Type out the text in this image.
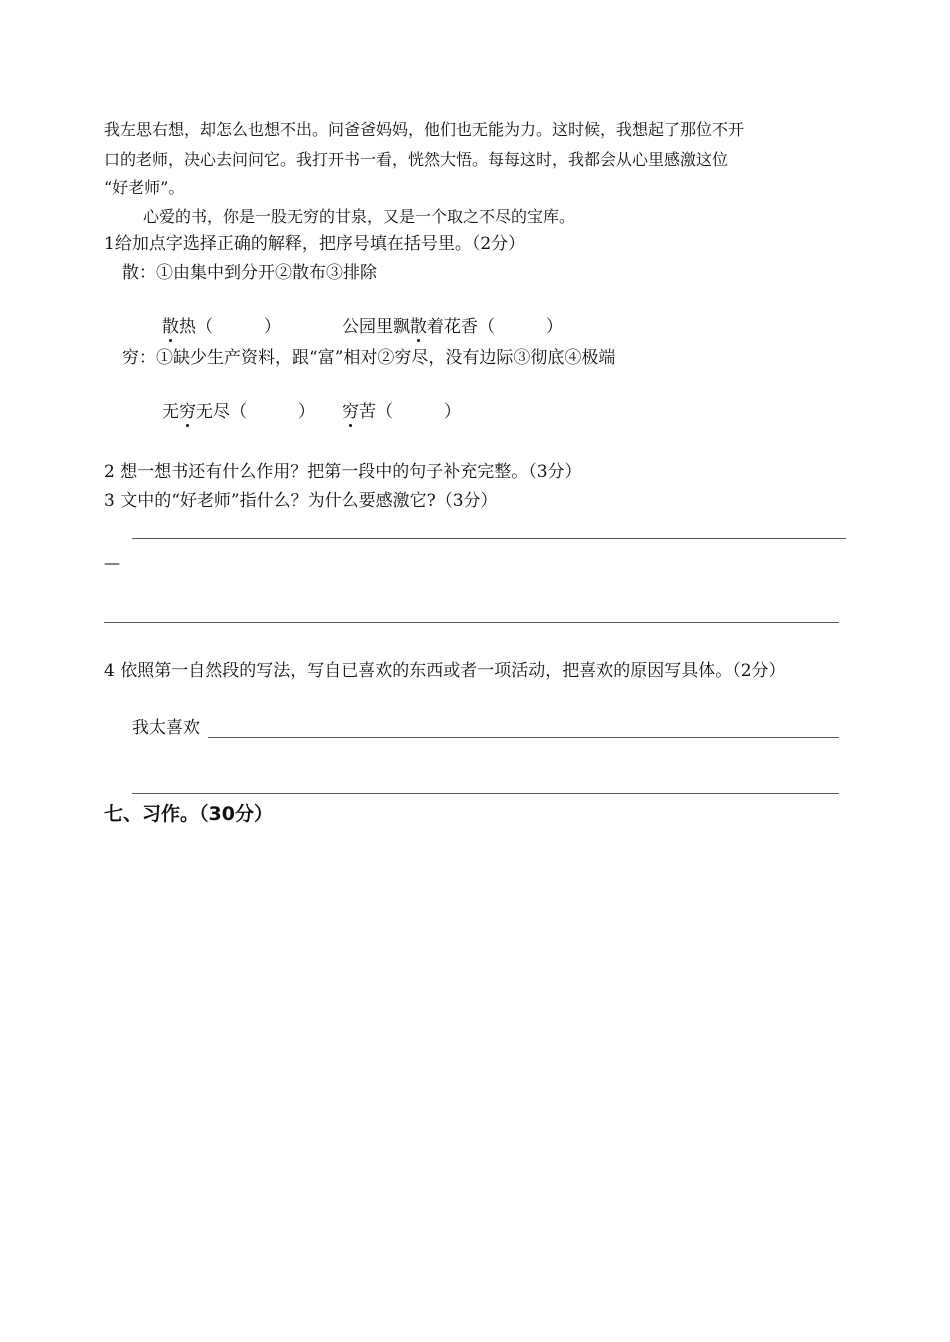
我左思右想，却怎么也想不出。问爸爸妈妈，他们也无能为力。这时候，我想起了那位不开
口的老师，决心去问问它。我打开书一看，恍然大悟。每每这时，我都会从心里感激这位
“好老师”。
心爱的书，你是一股无穷的甘泉，又是一个取之不尽的宝库。
1给加点字选择正确的解释，把序号填在括号里。（2分）
散：①由集中到分开②散布③排除
散热（　　　）	公园里飘散着花香（　　　）
穷：①缺少生产资料，跟“富”相对②穷尽，没有边际③彻底④极端
无穷无尽（　　　） 穷苦（　　　）
2 想一想书还有什么作用？把第一段中的句子补充完整。（3分）
3 文中的“好老师”指什么？为什么要感激它?（3分）
—
4 依照第一自然段的写法，写自已喜欢的东西或者一项活动，把喜欢的原因写具体。（2分）
我太喜欢
七、习作。（30分）
